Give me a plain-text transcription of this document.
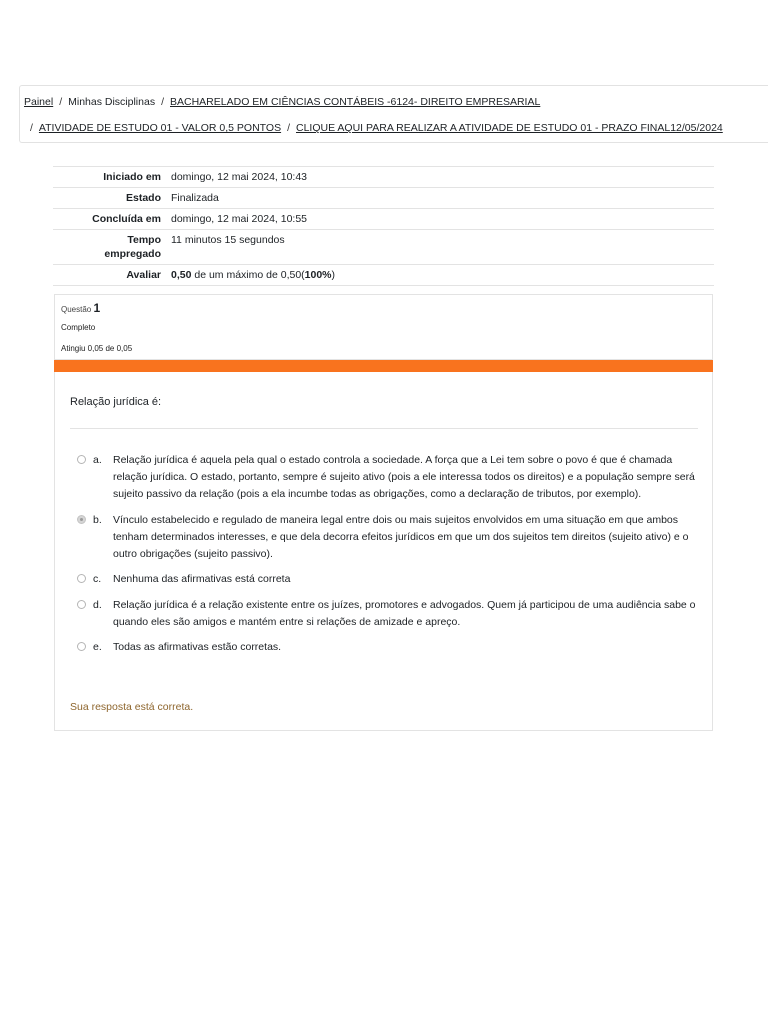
Painel / Minhas Disciplinas / BACHARELADO EM CIÊNCIAS CONTÁBEIS -6124- DIREITO EMPRESARIAL
/ ATIVIDADE DE ESTUDO 01 - VALOR 0,5 PONTOS / CLIQUE AQUI PARA REALIZAR A ATIVIDADE DE ESTUDO 01 - PRAZO FINAL12/05/2024
Iniciado em domingo, 12 mai 2024, 10:43
Estado Finalizada
Concluída em domingo, 12 mai 2024, 10:55
Tempo
empregado
11 minutos 15 segundos
Avaliar 0,50 de um máximo de 0,50(100%)
Questão 1
Completo
Atingiu 0,05 de 0,05
Relação jurídica é:
a. Relação jurídica é aquela pela qual o estado controla a sociedade. A força que a Lei tem sobre o povo é que é chamada relação jurídica. O estado, portanto, sempre é sujeito ativo (pois a ele interessa todos os direitos) e a população sempre será sujeito passivo da relação (pois a ela incumbe todas as obrigações, como a declaração de tributos, por exemplo).
b. Vínculo estabelecido e regulado de maneira legal entre dois ou mais sujeitos envolvidos em uma situação em que ambos tenham determinados interesses, e que dela decorra efeitos jurídicos em que um dos sujeitos tem direitos (sujeito ativo) e o outro obrigações (sujeito passivo).
c. Nenhuma das afirmativas está correta
d. Relação jurídica é a relação existente entre os juízes, promotores e advogados. Quem já participou de uma audiência sabe o quando eles são amigos e mantém entre si relações de amizade e apreço.
e. Todas as afirmativas estão corretas.
Sua resposta está correta.
